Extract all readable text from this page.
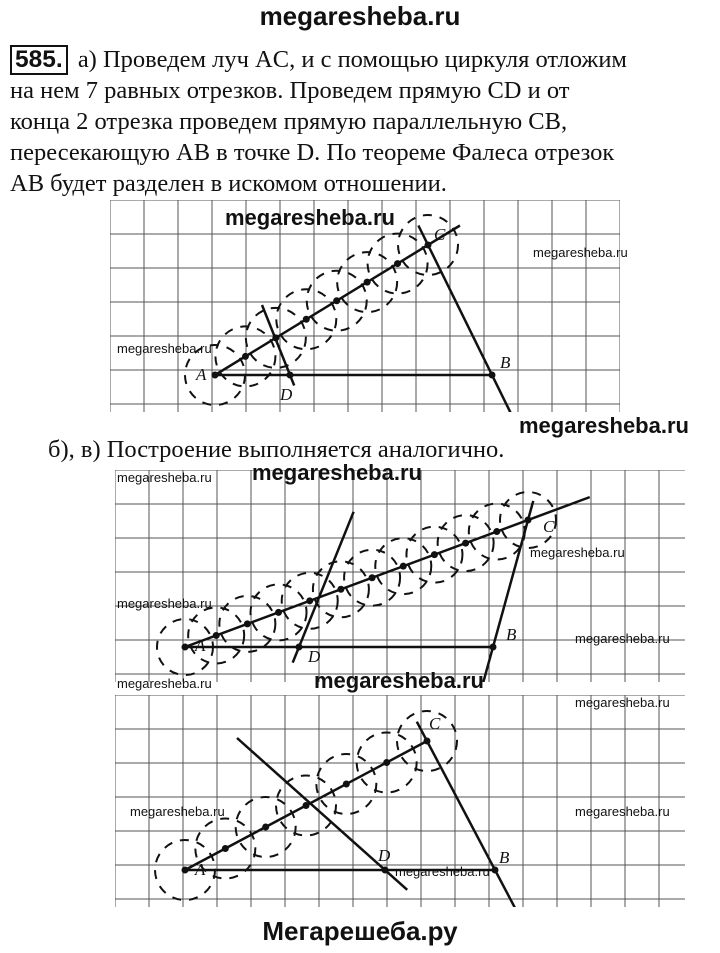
megaresheba.ru
585. а) Проведем луч AC, и с помощью циркуля отложим
на нем 7 равных отрезков. Проведем прямую CD и от
конца 2 отрезка проведем прямую параллельную CB,
пересекающую AB в точке D. По теореме Фалеса отрезок
AB будет разделен в искомом отношении.
б), в) Построение выполняется аналогично.
A
B
C
D
A
B
C
D
A
B
C
D
megaresheba.ru
megaresheba.ru
megaresheba.ru
megaresheba.ru
megaresheba.ru
megaresheba.ru
megaresheba.ru
megaresheba.ru
megaresheba.ru
megaresheba.ru	megaresheba.ru
megaresheba.ru
megaresheba.ru	megaresheba.ru
megaresheba.ru
Мегарешеба.ру
